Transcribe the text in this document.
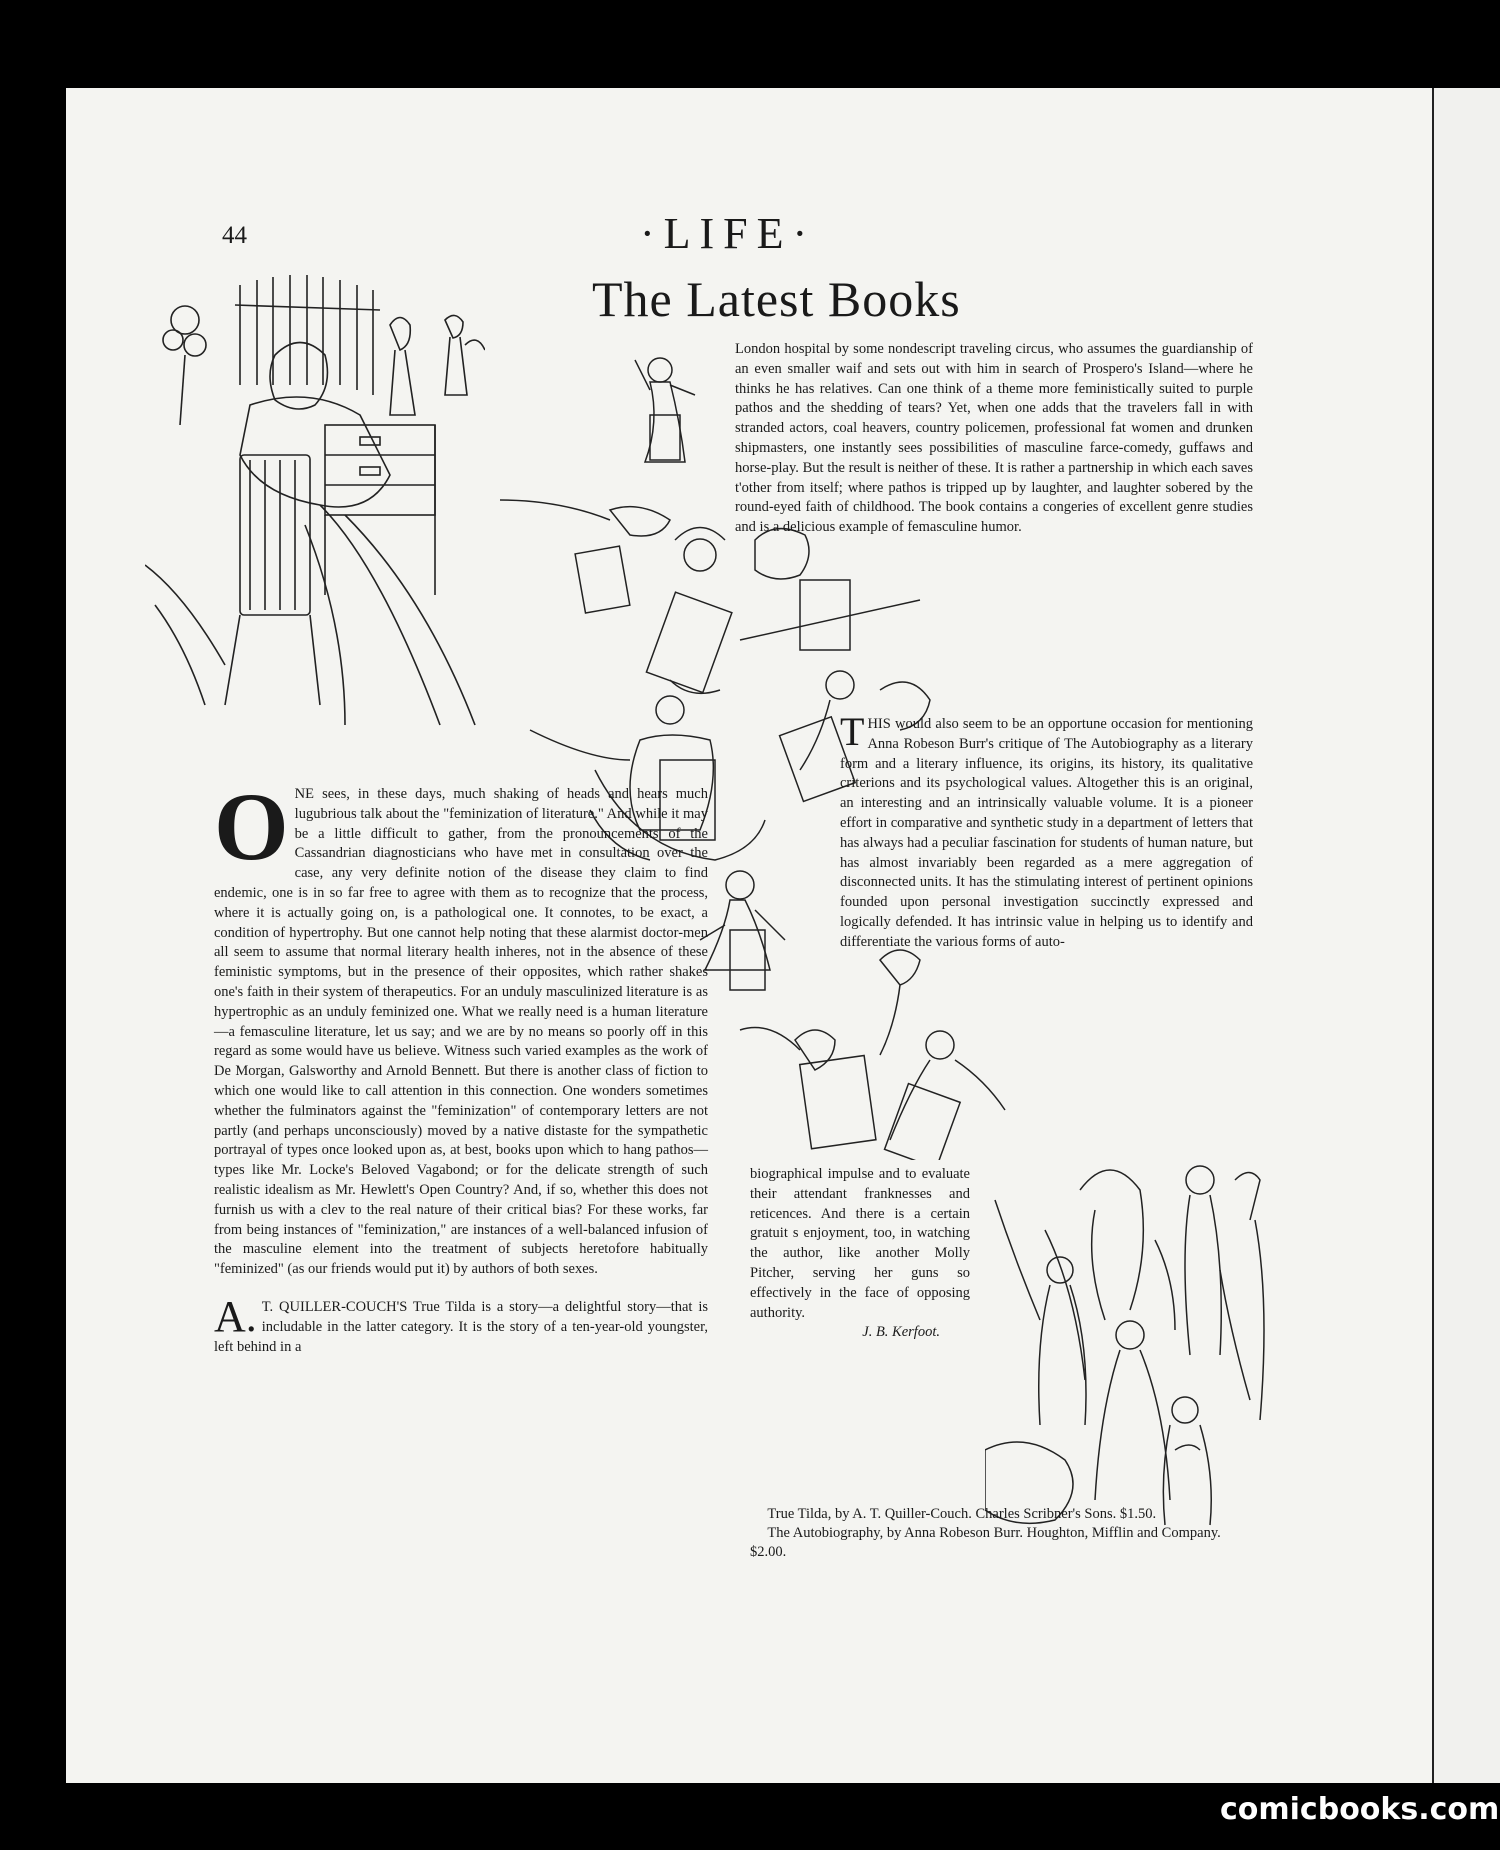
44	·LIFE·
The Latest Books

London hospital by some nondescript traveling circus, who assumes the guardianship of an even smaller waif and sets out with him in search of Prospero's Island—where he thinks he has relatives. Can one think of a theme more feministically suited to purple pathos and the shedding of tears? Yet, when one adds that the travelers fall in with stranded actors, coal heavers, country policemen, professional fat women and drunken shipmasters, one instantly sees possibilities of masculine farce-comedy, guffaws and horse-play. But the result is neither of these. It is rather a partnership in which each saves t'other from itself; where pathos is tripped up by laughter, and laughter sobered by the round-eyed faith of childhood. The book contains a congeries of excellent genre studies and is a delicious example of femasculine humor.

THIS would also seem to be an opportune occasion for mentioning Anna Robeson Burr's critique of The Autobiography as a literary form and a literary influence, its origins, its history, its qualitative criterions and its psychological values. Altogether this is an original, an interesting and an intrinsically valuable volume. It is a pioneer effort in comparative and synthetic study in a department of letters that has always had a peculiar fascination for students of human nature, but has almost invariably been regarded as a mere aggregation of disconnected units. It has the stimulating interest of pertinent opinions founded upon personal investigation succinctly expressed and logically defended. It has intrinsic value in helping us to identify and differentiate the various forms of auto-

biographical impulse and to evaluate their attendant franknesses and reticences. And there is a certain gratuit s enjoyment, too, in watching the author, like another Molly Pitcher, serving her guns so effectively in the face of opposing authority.

J. B. Kerfoot.

True Tilda, by A. T. Quiller-Couch. Charles Scribner's Sons. $1.50.

The Autobiography, by Anna Robeson Burr. Houghton, Mifflin and Company. $2.00.

ONE sees, in these days, much shaking of heads and hears much lugubrious talk about the "feminization of literature." And while it may be a little difficult to gather, from the pronouncements of the Cassandrian diagnosticians who have met in consultation over the case, any very definite notion of the disease they claim to find endemic, one is in so far free to agree with them as to recognize that the process, where it is actually going on, is a pathological one. It connotes, to be exact, a condition of hypertrophy. But one cannot help noting that these alarmist doctor-men all seem to assume that normal literary health inheres, not in the absence of these feministic symptoms, but in the presence of their opposites, which rather shakes one's faith in their system of therapeutics. For an unduly masculinized literature is as hypertrophic as an unduly feminized one. What we really need is a human literature—a femasculine literature, let us say; and we are by no means so poorly off in this regard as some would have us believe. Witness such varied examples as the work of De Morgan, Galsworthy and Arnold Bennett. But there is another class of fiction to which one would like to call attention in this connection. One wonders sometimes whether the fulminators against the "feminization" of contemporary letters are not partly (and perhaps unconsciously) moved by a native distaste for the sympathetic portrayal of types once looked upon as, at best, books upon which to hang pathos—types like Mr. Locke's Beloved Vagabond; or for the delicate strength of such realistic idealism as Mr. Hewlett's Open Country? And, if so, whether this does not furnish us with a clev to the real nature of their critical bias? For these works, far from being instances of "feminization," are instances of a well-balanced infusion of the masculine element into the treatment of subjects heretofore habitually "feminized" (as our friends would put it) by authors of both sexes.

A. T. QUILLER-COUCH'S True Tilda is a story—a delightful story—that is includable in the latter category. It is the story of a ten-year-old youngster, left behind in a

comicbooks.com
